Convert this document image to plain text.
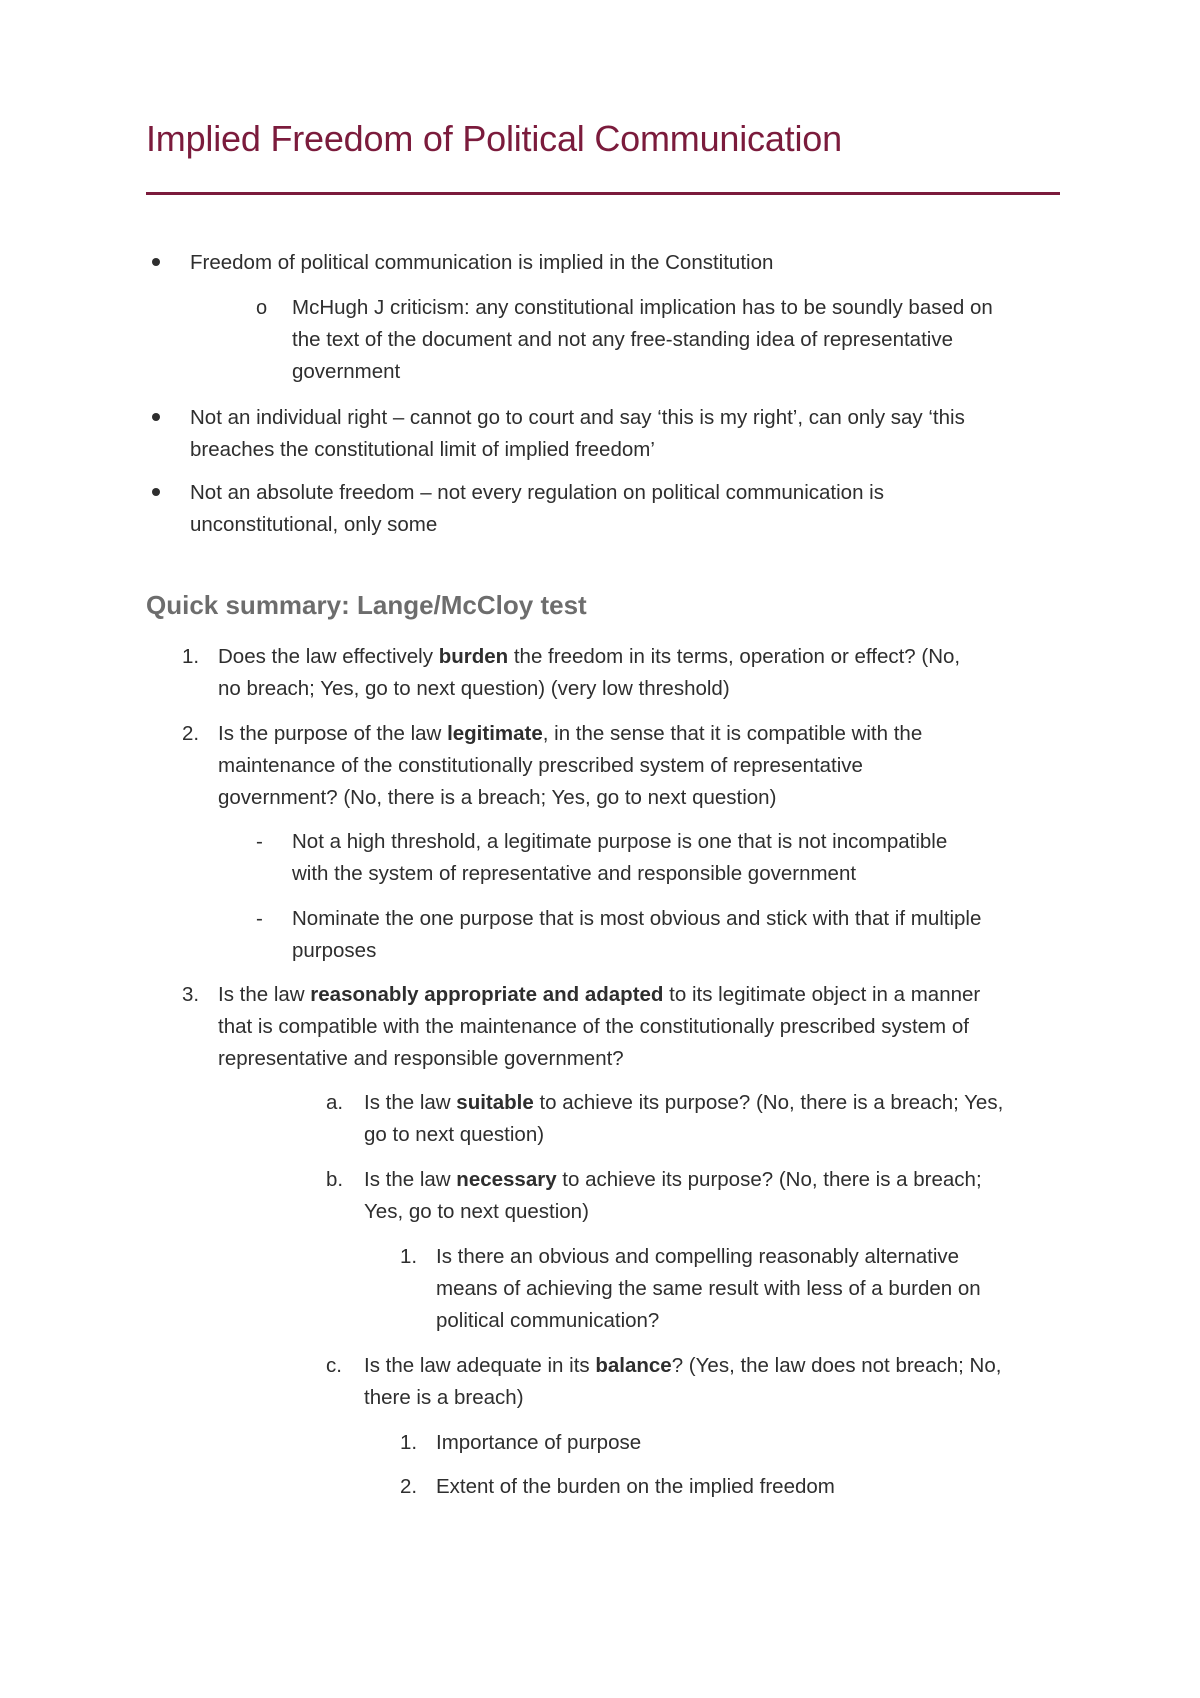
Implied Freedom of Political Communication

Freedom of political communication is implied in the Constitution

o McHugh J criticism: any constitutional implication has to be soundly based on

the text of the document and not any free-standing idea of representative

government

Not an individual right – cannot go to court and say ‘this is my right’, can only say ‘this

breaches the constitutional limit of implied freedom’

Not an absolute freedom – not every regulation on political communication is

unconstitutional, only some

Quick summary: Lange/McCloy test
1. Does the law effectively burden the freedom in its terms, operation or effect? (No,

no breach; Yes, go to next question) (very low threshold)

2. Is the purpose of the law legitimate, in the sense that it is compatible with the

maintenance of the constitutionally prescribed system of representative

government? (No, there is a breach; Yes, go to next question)

- Not a high threshold, a legitimate purpose is one that is not incompatible

with the system of representative and responsible government

- Nominate the one purpose that is most obvious and stick with that if multiple

purposes

3. Is the law reasonably appropriate and adapted to its legitimate object in a manner

that is compatible with the maintenance of the constitutionally prescribed system of

representative and responsible government?

a. Is the law suitable to achieve its purpose? (No, there is a breach; Yes,

go to next question)

b. Is the law necessary to achieve its purpose? (No, there is a breach;

Yes, go to next question)

1. Is there an obvious and compelling reasonably alternative

means of achieving the same result with less of a burden on

political communication?

c. Is the law adequate in its balance? (Yes, the law does not breach; No,

there is a breach)

1. Importance of purpose

2. Extent of the burden on the implied freedom
